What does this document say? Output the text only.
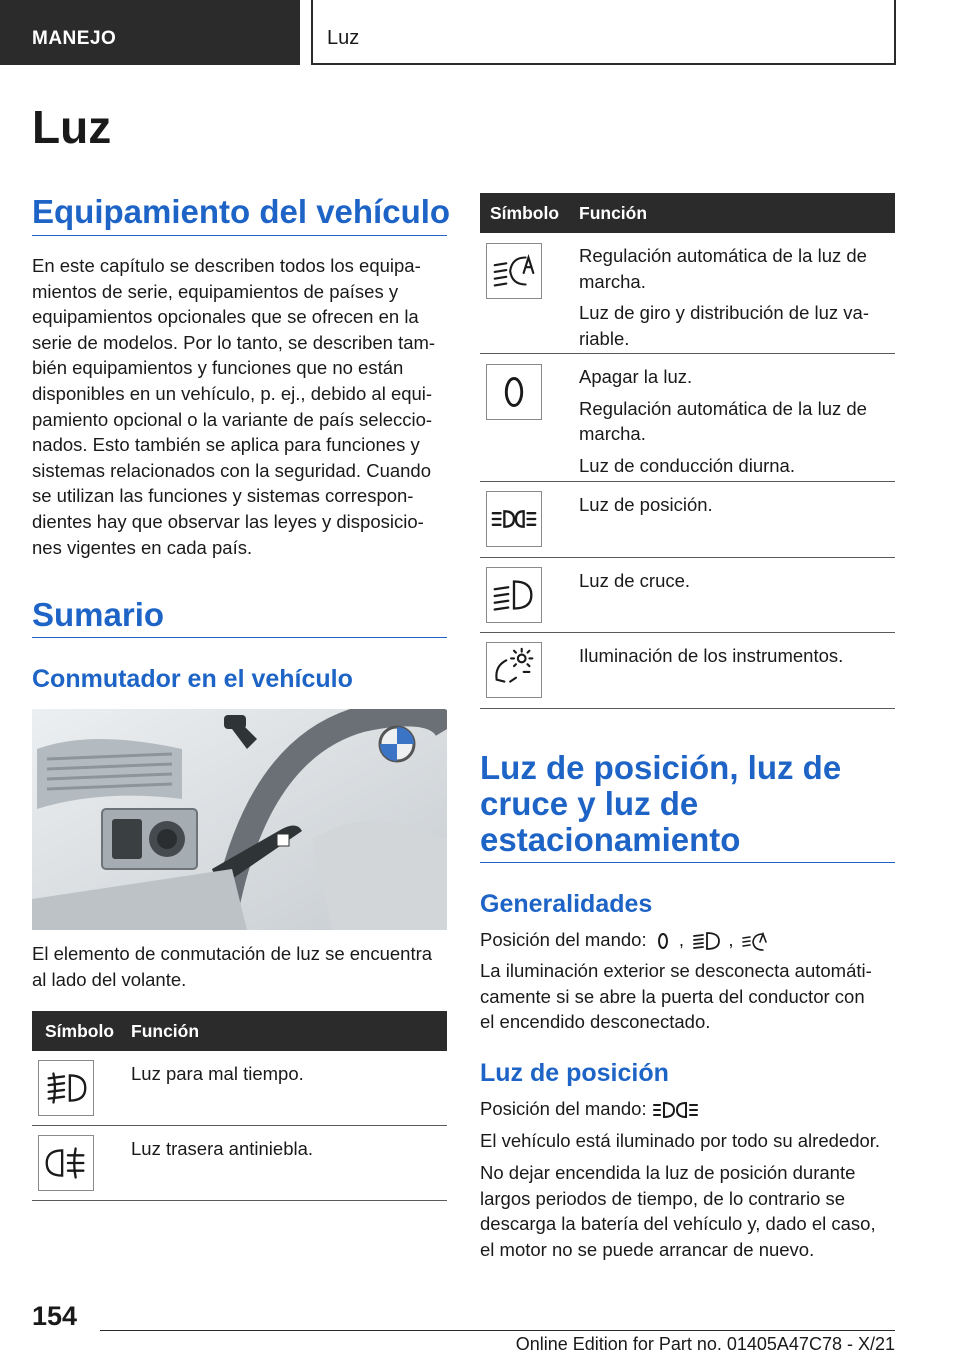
MANEJO	Luz
Luz
Equipamiento del vehículo
En este capítulo se describen todos los equipa‐
mientos de serie, equipamientos de países y
equipamientos opcionales que se ofrecen en la
serie de modelos. Por lo tanto, se describen tam‐
bién equipamientos y funciones que no están
disponibles en un vehículo, p. ej., debido al equi‐
pamiento opcional o la variante de país seleccio‐
nados. Esto también se aplica para funciones y
sistemas relacionados con la seguridad. Cuando
se utilizan las funciones y sistemas correspon‐
dientes hay que observar las leyes y disposicio‐
nes vigentes en cada país.
Sumario
Conmutador en el vehículo
El elemento de conmutación de luz se encuentra
al lado del volante.
Símbolo Función

Luz para mal tiempo.

Luz trasera antiniebla.

Símbolo Función

Regulación automática de la luz de
marcha.

Luz de giro y distribución de luz va‐
riable.

Apagar la luz.

Regulación automática de la luz de
marcha.

Luz de conducción diurna.

Luz de posición.

Luz de cruce.

Iluminación de los instrumentos.

Luz de posición, luz de
cruce y luz de
estacionamiento
Generalidades
Posición del mando: , ,
La iluminación exterior se desconecta automáti‐
camente si se abre la puerta del conductor con
el encendido desconectado.
Luz de posición
Posición del mando:
El vehículo está iluminado por todo su alrededor.
No dejar encendida la luz de posición durante
largos periodos de tiempo, de lo contrario se
descarga la batería del vehículo y, dado el caso,
el motor no se puede arrancar de nuevo.
154
Online Edition for Part no. 01405A47C78 - X/21
